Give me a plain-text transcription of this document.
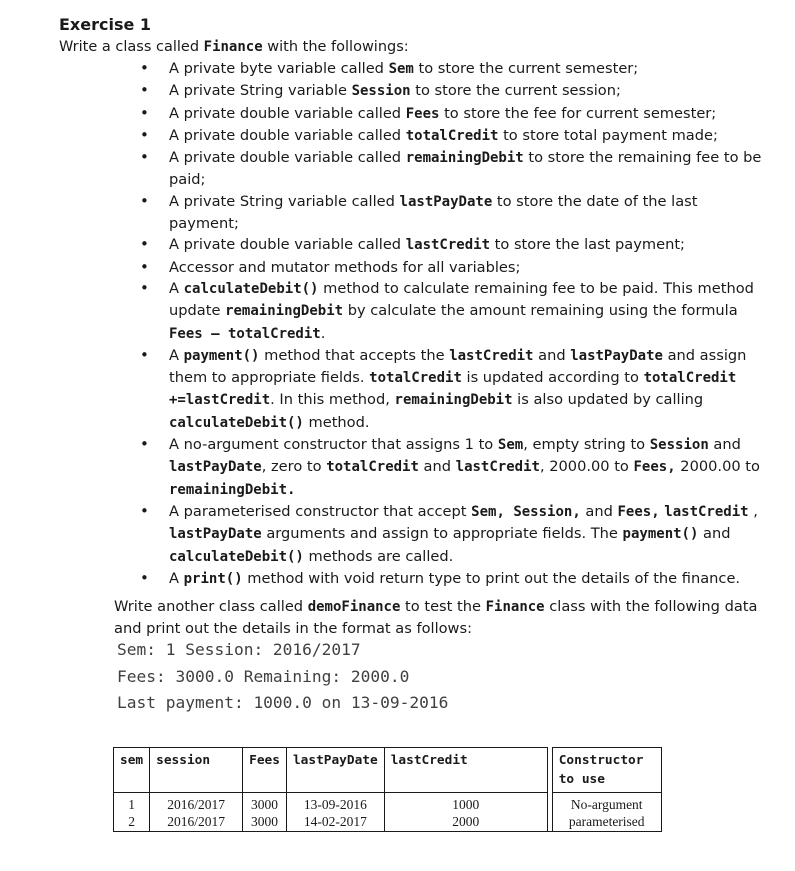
Exercise 1
Write a class called Finance with the followings:
• A private byte variable called Sem to store the current semester;
• A private String variable Session to store the current session;
• A private double variable called Fees to store the fee for current semester;
• A private double variable called totalCredit to store total payment made;
• A private double variable called remainingDebit to store the remaining fee to be paid;
• A private String variable called lastPayDate to store the date of the last payment;
• A private double variable called lastCredit to store the last payment;
• Accessor and mutator methods for all variables;
• A calculateDebit() method to calculate remaining fee to be paid. This method update remainingDebit by calculate the amount remaining using the formula Fees – totalCredit.
• A payment() method that accepts the lastCredit and lastPayDate and assign them to appropriate fields. totalCredit is updated according to totalCredit +=lastCredit. In this method, remainingDebit is also updated by calling calculateDebit() method.
• A no-argument constructor that assigns 1 to Sem, empty string to Session and lastPayDate, zero to totalCredit and lastCredit, 2000.00 to Fees, 2000.00 to remainingDebit.
• A parameterised constructor that accept Sem, Session, and Fees, lastCredit , lastPayDate arguments and assign to appropriate fields. The payment() and calculateDebit() methods are called.
• A print() method with void return type to print out the details of the finance.
Write another class called demoFinance to test the Finance class with the following data and print out the details in the format as follows:
Sem: 1 Session: 2016/2017
Fees: 3000.0 Remaining: 2000.0
Last payment: 1000.0 on 13-09-2016
sem	session	Fees	lastPayDate	lastCredit		Constructor to use
1	2016/2017	3000	13-09-2016	1000		No-argument
2	2016/2017	3000	14-02-2017	2000		parameterised
